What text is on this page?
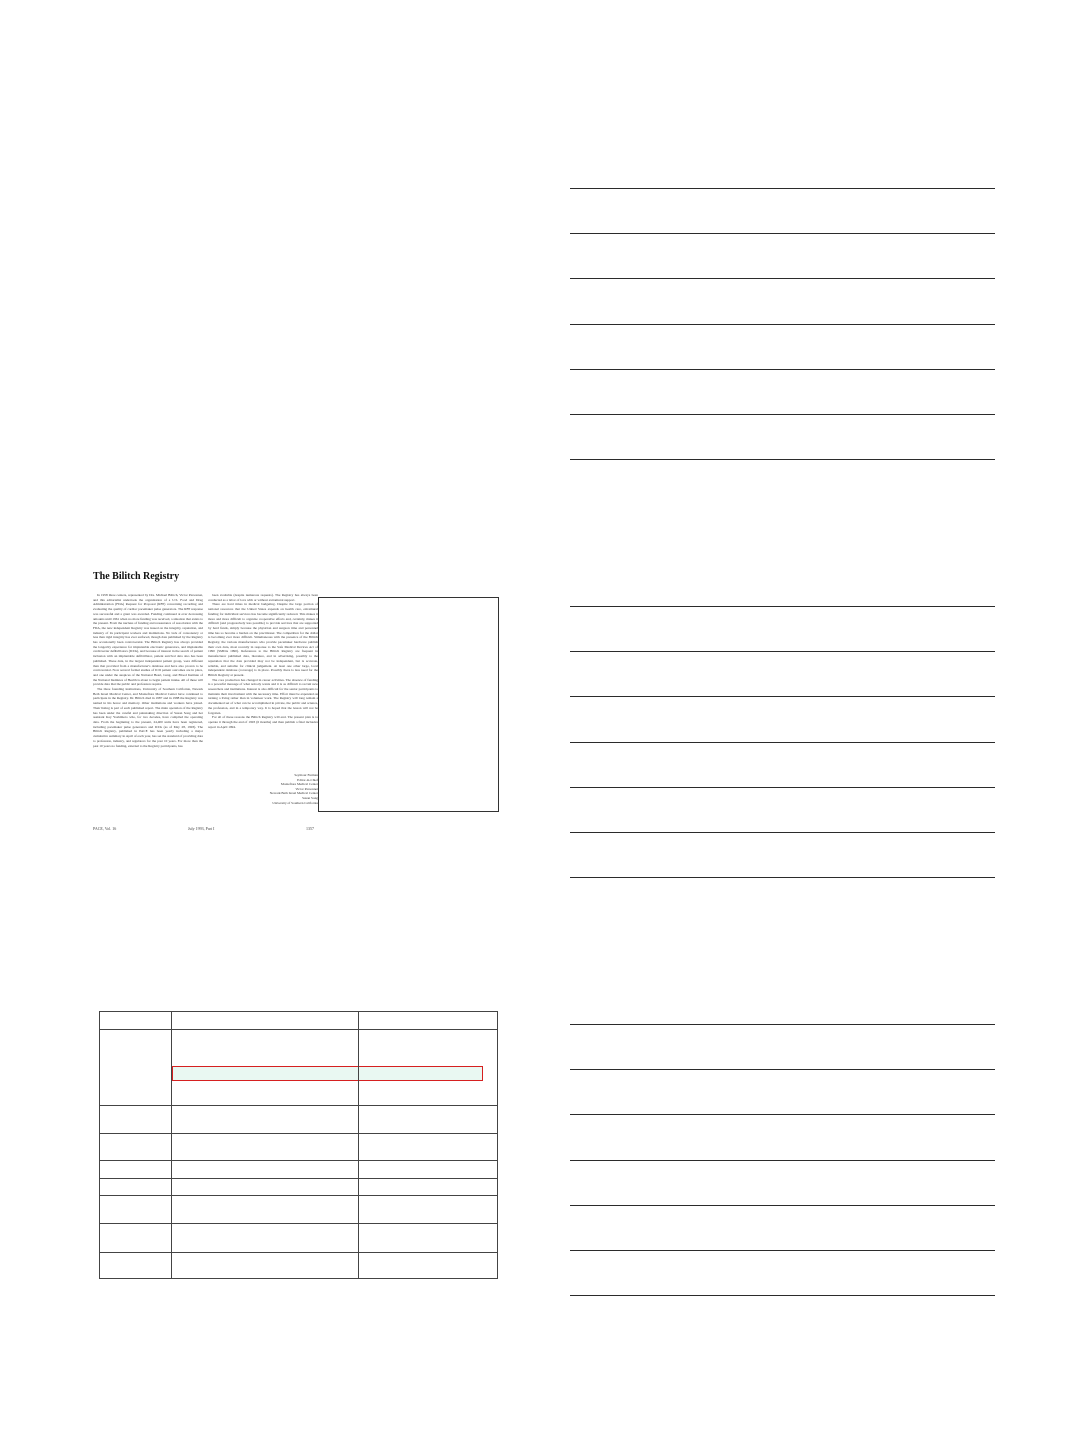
The Bilitch Registry

In 1958 three centers, represented by Drs. Michael Bilitch, Victor Parsonnet, and this editorialist undertook the organization of a U.S. Food and Drug Administration (FDA) Request for Proposal (RFP) concerning recording and evaluating the quality of cardiac pacemaker pulse generators. The RFP response was successful and a grant was awarded. Funding continued at ever decreasing amounts until 1961 when no more funding was received, a situation that exists to the present. From the nucleus of funding and reassurance of association with the FDA, the new independent Registry was issued on the integrity, reputation, and industry of its participant workers and institutions. No lack of consonancy or less than rigid integrity has ever surfaced, though data published by the Registry has occasionally been controversial. The Bilitch Registry has always provided the longevity experience for implantable electronic generators, and implantable cardioverter defibrillators (ICDs), and because of interest in the search of patient inclusion with an implantable defibrillator, patient survival data also has been published. These data, in the largest independent patient group, were different than that provided from a manufacturer's database and have also proven to be controversial. Now several formal studies of ICD patient outcomes are in place, and one under the auspices of the National Heart, Lung, and Blood Institute of the National Institutes of Health is about to begin patient intake. All of these will provide data that the public and profession require.

The three founding institutions, University of Southern California, Newark Beth Israel Medical Center, and Montefiore Medical Center have continued to participate in the Registry. Dr. Bilitch died in 1987 and in 1988 the Registry was named in his honor and memory. Other institutions and workers have joined. Their listing is part of each published report. The main operation of the Registry has been under the careful and painstaking direction of Susan Song and her assistant Kay Yoshimoto who, for two decades, have compiled the operating data. From the beginning to the present, 24,400 units have been registered, including pacemaker pulse generators and ICDs (as of May 28, 1993). The Bilitch Registry, published in PACE has been yearly including a major cumulative summary in April of each year, has set the standard of providing data to profession, industry, and regulators for the past 10 years. For more than the past 10 years no funding, external to the Registry participants, has

been available (despite numerous requests). The Registry has always been conducted as a labor of love with or without extramural support.

There are hard times in medical budgeting. Despite the large portion of national resources that the United States expends on health care, extramural funding for individual services has become significantly reduced. This makes it more and more difficult to organize cooperative efforts and, certainly, makes it difficult (and progressively less possible) to provide services that are supported by hard funds, simply because the physician and surgeon time and personnel time has so become a burden on the practitioner. The competition for the dollar is becoming ever more difficult. Simultaneous with the presence of the Bilitch Registry, the various manufacturers who provide pacemaker hardware publish their own data, most recently in response to the Safe Medical Devices Act of 1990 (SMDA 1990). References to the Bilitch Registry are frequent in manufacturer published data, literature, and in advertising, possibly to the reputation that the data provided may not be independent, but is accurate, reliable, and suitable for clinical judgement. At least one other large, local independent database (coverage) is in place. Possibly there is less need for the Bilitch Registry at present.

The core production has changed in career activities. The absence of funding is a powerful message of what nobody wants and it is as difficult to recruit new researchers and institutions. Interest is also difficult for the senior participants to maintain their involvement with the necessary time. Effort must be expended on turning a living rather than in volunteer work. The Registry will long remain a documented set of what can be accomplished in private, the public and science, the profession, and in a temporary way. It is hoped that the lesson will not be forgotten.

For all of these reasons the Bilitch Registry will end. The present plan is to operate it through the end of 1993 (6 months) and then publish a final inclusive report in April 1994.

Seymour Furman
Editor-in-Chief
Montefiore Medical Center
Victor Parsonnet
Newark Beth Israel Medical Center
Susan Song
University of Southern California
PACE, Vol. 16	July 1993, Part I	1357
